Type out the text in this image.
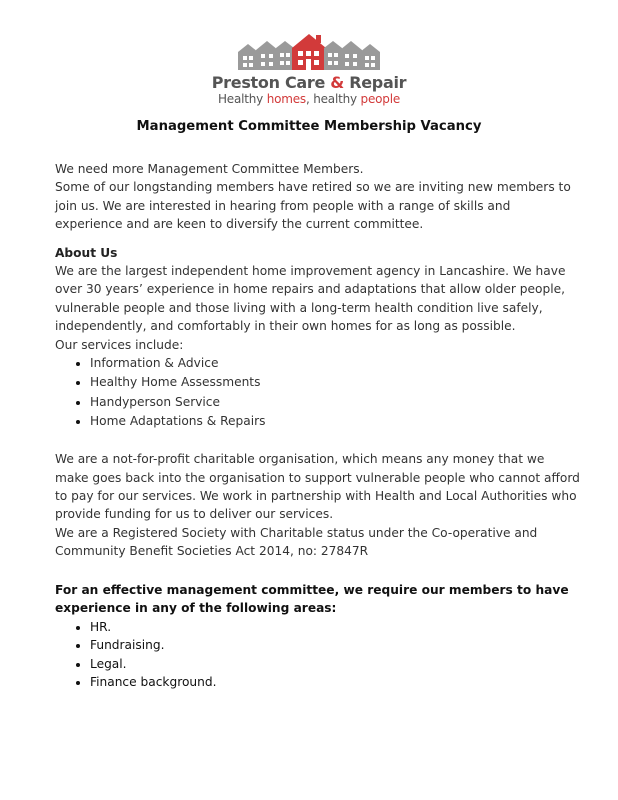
Preston Care & Repair
Healthy homes, healthy people
Management Committee Membership Vacancy

We need more Management Committee Members.

Some of our longstanding members have retired so we are inviting new members to join us. We are interested in hearing from people with a range of skills and experience and are keen to diversify the current committee.

About Us

We are the largest independent home improvement agency in Lancashire. We have over 30 years’ experience in home repairs and adaptations that allow older people, vulnerable people and those living with a long-term health condition live safely, independently, and comfortably in their own homes for as long as possible.

Our services include:

• Information & Advice
• Healthy Home Assessments
• Handyperson Service
• Home Adaptations & Repairs

We are a not-for-profit charitable organisation, which means any money that we make goes back into the organisation to support vulnerable people who cannot afford to pay for our services. We work in partnership with Health and Local Authorities who provide funding for us to deliver our services.

We are a Registered Society with Charitable status under the Co-operative and Community Benefit Societies Act 2014, no: 27847R

For an effective management committee, we require our members to have experience in any of the following areas:

• HR.
• Fundraising.
• Legal.
• Finance background.
